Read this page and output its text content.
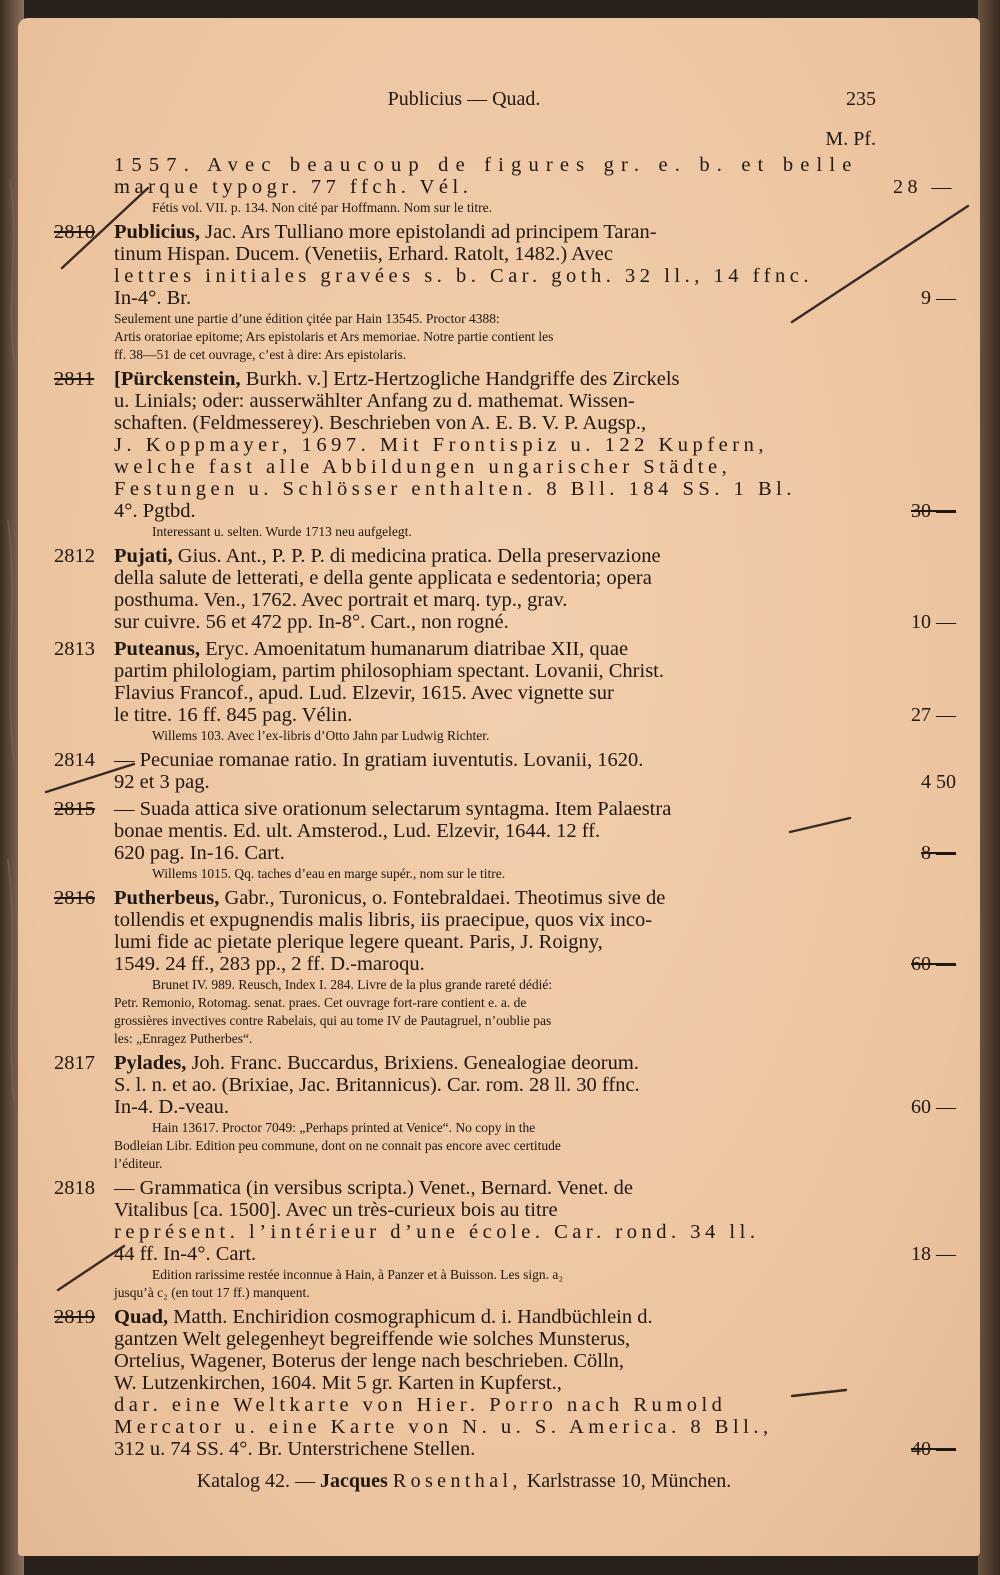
Publicius — Quad.	235
M. Pf.
1557. Avec beaucoup de figures gr. e. b. et belle
marque typogr. 77 ffch. Vél.	28 —
Fétis vol. VII. p. 134. Non cité par Hoffmann. Nom sur le titre.
2810 Publicius, Jac. Ars Tulliano more epistolandi ad principem Taran-
tinum Hispan. Ducem. (Venetiis, Erhard. Ratolt, 1482.) Avec
lettres initiales gravées s. b. Car. goth. 32 ll., 14 ffnc.
In-4°. Br.	9 —
Seulement une partie d’une édition çitée par Hain 13545. Proctor 4388:
Artis oratoriae epitome; Ars epistolaris et Ars memoriae. Notre partie contient les
ff. 38—51 de cet ouvrage, c’est à dire: Ars epistolaris.
2811 [Pürckenstein, Burkh. v.] Ertz-Hertzogliche Handgriffe des Zirckels
u. Linials; oder: ausserwählter Anfang zu d. mathemat. Wissen-
schaften. (Feldmesserey). Beschrieben von A. E. B. V. P. Augsp.,
J. Koppmayer, 1697. Mit Frontispiz u. 122 Kupfern,
welche fast alle Abbildungen ungarischer Städte,
Festungen u. Schlösser enthalten. 8 Bll. 184 SS. 1 Bl.
4°. Pgtbd.	30 —
Interessant u. selten. Wurde 1713 neu aufgelegt.
2812 Pujati, Gius. Ant., P. P. P. di medicina pratica. Della preservazione
della salute de letterati, e della gente applicata e sedentoria; opera
posthuma. Ven., 1762. Avec portrait et marq. typ., grav.
sur cuivre. 56 et 472 pp. In-8°. Cart., non rogné.	10 —
2813 Puteanus, Eryc. Amoenitatum humanarum diatribae XII, quae
partim philologiam, partim philosophiam spectant. Lovanii, Christ.
Flavius Francof., apud. Lud. Elzevir, 1615. Avec vignette sur
le titre. 16 ff. 845 pag. Vélin.	27 —
Willems 103. Avec l’ex-libris d’Otto Jahn par Ludwig Richter.
2814 — Pecuniae romanae ratio. In gratiam iuventutis. Lovanii, 1620.
92 et 3 pag.	4 50
2815 — Suada attica sive orationum selectarum syntagma. Item Palaestra
bonae mentis. Ed. ult. Amsterod., Lud. Elzevir, 1644. 12 ff.
620 pag. In-16. Cart.	8 —
Willems 1015. Qq. taches d’eau en marge supér., nom sur le titre.
2816 Putherbeus, Gabr., Turonicus, o. Fontebraldaei. Theotimus sive de
tollendis et expugnendis malis libris, iis praecipue, quos vix inco-
lumi fide ac pietate plerique legere queant. Paris, J. Roigny,
1549. 24 ff., 283 pp., 2 ff. D.-maroqu.	60 —
Brunet IV. 989. Reusch, Index I. 284. Livre de la plus grande rareté dédié:
Petr. Remonio, Rotomag. senat. praes. Cet ouvrage fort-rare contient e. a. de
grossières invectives contre Rabelais, qui au tome IV de Pautagruel, n’oublie pas
les: „Enragez Putherbes“.
2817 Pylades, Joh. Franc. Buccardus, Brixiens. Genealogiae deorum.
S. l. n. et ao. (Brixiae, Jac. Britannicus). Car. rom. 28 ll. 30 ffnc.
In-4. D.-veau.	60 —
Hain 13617. Proctor 7049: „Perhaps printed at Venice“. No copy in the
Bodleian Libr. Edition peu commune, dont on ne connait pas encore avec certitude
l’éditeur.
2818 — Grammatica (in versibus scripta.) Venet., Bernard. Venet. de
Vitalibus [ca. 1500]. Avec un très-curieux bois au titre
représent. l’intérieur d’une école. Car. rond. 34 ll.
44 ff. In-4°. Cart.	18 —
Edition rarissime restée inconnue à Hain, à Panzer et à Buisson. Les sign. a₂
jusqu’à c₂ (en tout 17 ff.) manquent.
2819 Quad, Matth. Enchiridion cosmographicum d. i. Handbüchlein d.
gantzen Welt gelegenheyt begreiffende wie solches Munsterus,
Ortelius, Wagener, Boterus der lenge nach beschrieben. Cölln,
W. Lutzenkirchen, 1604. Mit 5 gr. Karten in Kupferst.,
dar. eine Weltkarte von Hier. Porro nach Rumold
Mercator u. eine Karte von N. u. S. America. 8 Bll.,
312 u. 74 SS. 4°. Br. Unterstrichene Stellen.	40 —
Katalog 42. — Jacques Rosenthal, Karlstrasse 10, München.
